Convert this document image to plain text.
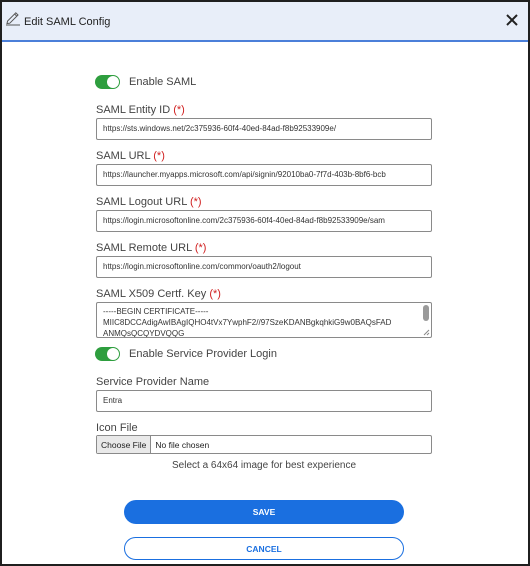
Edit SAML Config
Enable SAML
SAML Entity ID (*)
https://sts.windows.net/2c375936-60f4-40ed-84ad-f8b92533909e/
SAML URL (*)
https://launcher.myapps.microsoft.com/api/signin/92010ba0-7f7d-403b-8bf6-bcb
SAML Logout URL (*)
https://login.microsoftonline.com/2c375936-60f4-40ed-84ad-f8b92533909e/sam
SAML Remote URL (*)
https://login.microsoftonline.com/common/oauth2/logout
SAML X509 Certf. Key (*)
-----BEGIN CERTIFICATE-----
MIIC8DCCAdigAwIBAgIQHO4tVx7YwphF2//97SzeKDANBgkqhkiG9w0BAQsFAD
ANMQsQCQYDVQQG
Enable Service Provider Login
Service Provider Name
Entra
Icon File
Choose File	No file chosen
Select a 64x64 image for best experience
SAVE
CANCEL
